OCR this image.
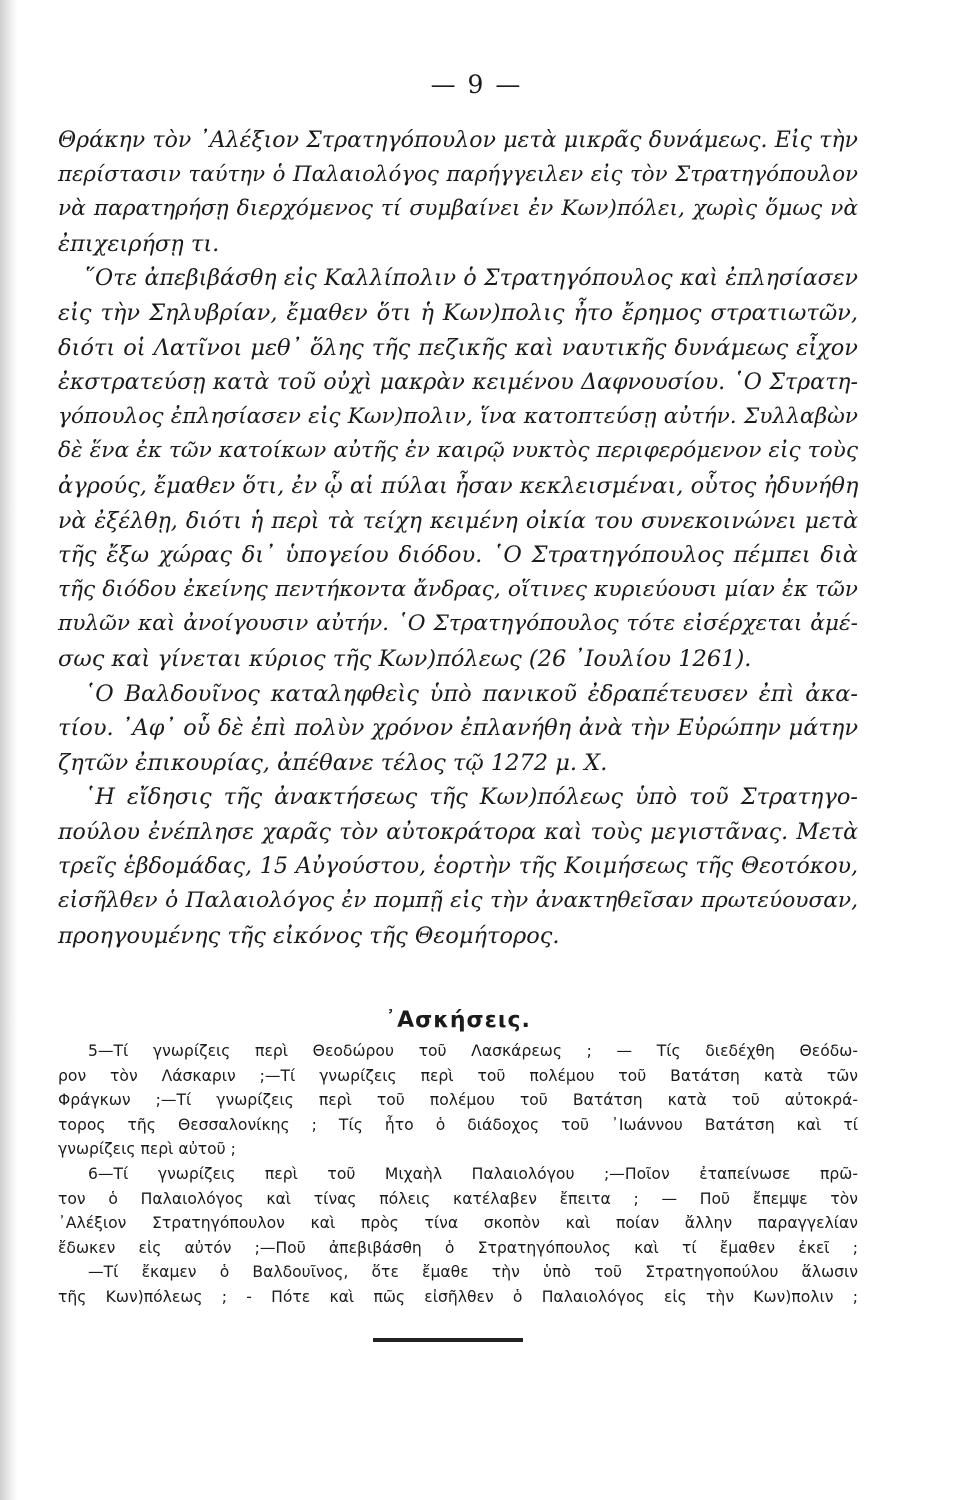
— 9 —
Θράκην τὸν ᾿Αλέξιον Στρατηγόπουλον μετὰ μικρᾶς δυνάμεως. Εἰς τὴν
περίστασιν ταύτην ὁ Παλαιολόγος παρήγγειλεν εἰς τὸν Στρατηγόπουλον
νὰ παρατηρήσῃ διερχόμενος τί συμβαίνει ἐν Κων)πόλει, χωρὶς ὅμως νὰ
ἐπιχειρήσῃ τι.
῞Οτε ἀπεβιβάσθη εἰς Καλλίπολιν ὁ Στρατηγόπουλος καὶ ἐπλησίασεν
εἰς τὴν Σηλυβρίαν, ἔμαθεν ὅτι ἡ Κων)πολις ἦτο ἔρημος στρατιωτῶν,
διότι οἱ Λατῖνοι μεθ᾿ ὅλης τῆς πεζικῆς καὶ ναυτικῆς δυνάμεως εἶχον
ἐκστρατεύσῃ κατὰ τοῦ οὐχὶ μακρὰν κειμένου Δαφνουσίου. ῾Ο Στρατη-
γόπουλος ἐπλησίασεν εἰς Κων)πολιν, ἵνα κατοπτεύσῃ αὐτήν. Συλλαβὼν
δὲ ἕνα ἐκ τῶν κατοίκων αὐτῆς ἐν καιρῷ νυκτὸς περιφερόμενον εἰς τοὺς
ἀγρούς, ἔμαθεν ὅτι, ἐν ᾧ αἱ πύλαι ἦσαν κεκλεισμέναι, οὗτος ἠδυνήθη
νὰ ἐξέλθῃ, διότι ἡ περὶ τὰ τείχη κειμένη οἰκία του συνεκοινώνει μετὰ
τῆς ἔξω χώρας δι᾿ ὑπογείου διόδου. ῾Ο Στρατηγόπουλος πέμπει διὰ
τῆς διόδου ἐκείνης πεντήκοντα ἄνδρας, οἵτινες κυριεύουσι μίαν ἐκ τῶν
πυλῶν καὶ ἀνοίγουσιν αὐτήν. ῾Ο Στρατηγόπουλος τότε εἰσέρχεται ἀμέ-
σως καὶ γίνεται κύριος τῆς Κων)πόλεως (26 ᾿Ιουλίου 1261).
῾Ο Βαλδουῖνος καταληφθεὶς ὑπὸ πανικοῦ ἐδραπέτευσεν ἐπὶ ἀκα-
τίου. ᾿Αφ᾿ οὗ δὲ ἐπὶ πολὺν χρόνον ἐπλανήθη ἀνὰ τὴν Εὐρώπην μάτην
ζητῶν ἐπικουρίας, ἀπέθανε τέλος τῷ 1272 μ. Χ.
῾Η εἴδησις τῆς ἀνακτήσεως τῆς Κων)πόλεως ὑπὸ τοῦ Στρατηγο-
πούλου ἐνέπλησε χαρᾶς τὸν αὐτοκράτορα καὶ τοὺς μεγιστᾶνας. Μετὰ
τρεῖς ἑβδομάδας, 15 Αὐγούστου, ἑορτὴν τῆς Κοιμήσεως τῆς Θεοτόκου,
εἰσῆλθεν ὁ Παλαιολόγος ἐν πομπῇ εἰς τὴν ἀνακτηθεῖσαν πρωτεύουσαν,
προηγουμένης τῆς εἰκόνος τῆς Θεομήτορος.
᾿Ασκήσεις.
5—Τί γνωρίζεις περὶ Θεοδώρου τοῦ Λασκάρεως ; — Τίς διεδέχθη Θεόδω-
ρον τὸν Λάσκαριν ;—Τί γνωρίζεις περὶ τοῦ πολέμου τοῦ Βατάτση κατὰ τῶν
Φράγκων ;—Τί γνωρίζεις περὶ τοῦ πολέμου τοῦ Βατάτση κατὰ τοῦ αὐτοκρά-
τορος τῆς Θεσσαλονίκης ; Τίς ἦτο ὁ διάδοχος τοῦ ᾿Ιωάννου Βατάτση καὶ τί
γνωρίζεις περὶ αὐτοῦ ;
6—Τί γνωρίζεις περὶ τοῦ Μιχαὴλ Παλαιολόγου ;—Ποῖον ἐταπείνωσε πρῶ-
τον ὁ Παλαιολόγος καὶ τίνας πόλεις κατέλαβεν ἔπειτα ; — Ποῦ ἔπεμψε τὸν
᾿Αλέξιον Στρατηγόπουλον καὶ πρὸς τίνα σκοπὸν καὶ ποίαν ἄλλην παραγγελίαν
ἔδωκεν εἰς αὐτόν ;—Ποῦ ἀπεβιβάσθη ὁ Στρατηγόπουλος καὶ τί ἔμαθεν ἐκεῖ ;
—Τί ἔκαμεν ὁ Βαλδουῖνος, ὅτε ἔμαθε τὴν ὑπὸ τοῦ Στρατηγοπούλου ἅλωσιν
τῆς Κων)πόλεως ; - Πότε καὶ πῶς εἰσῆλθεν ὁ Παλαιολόγος εἰς τὴν Κων)πολιν ;
